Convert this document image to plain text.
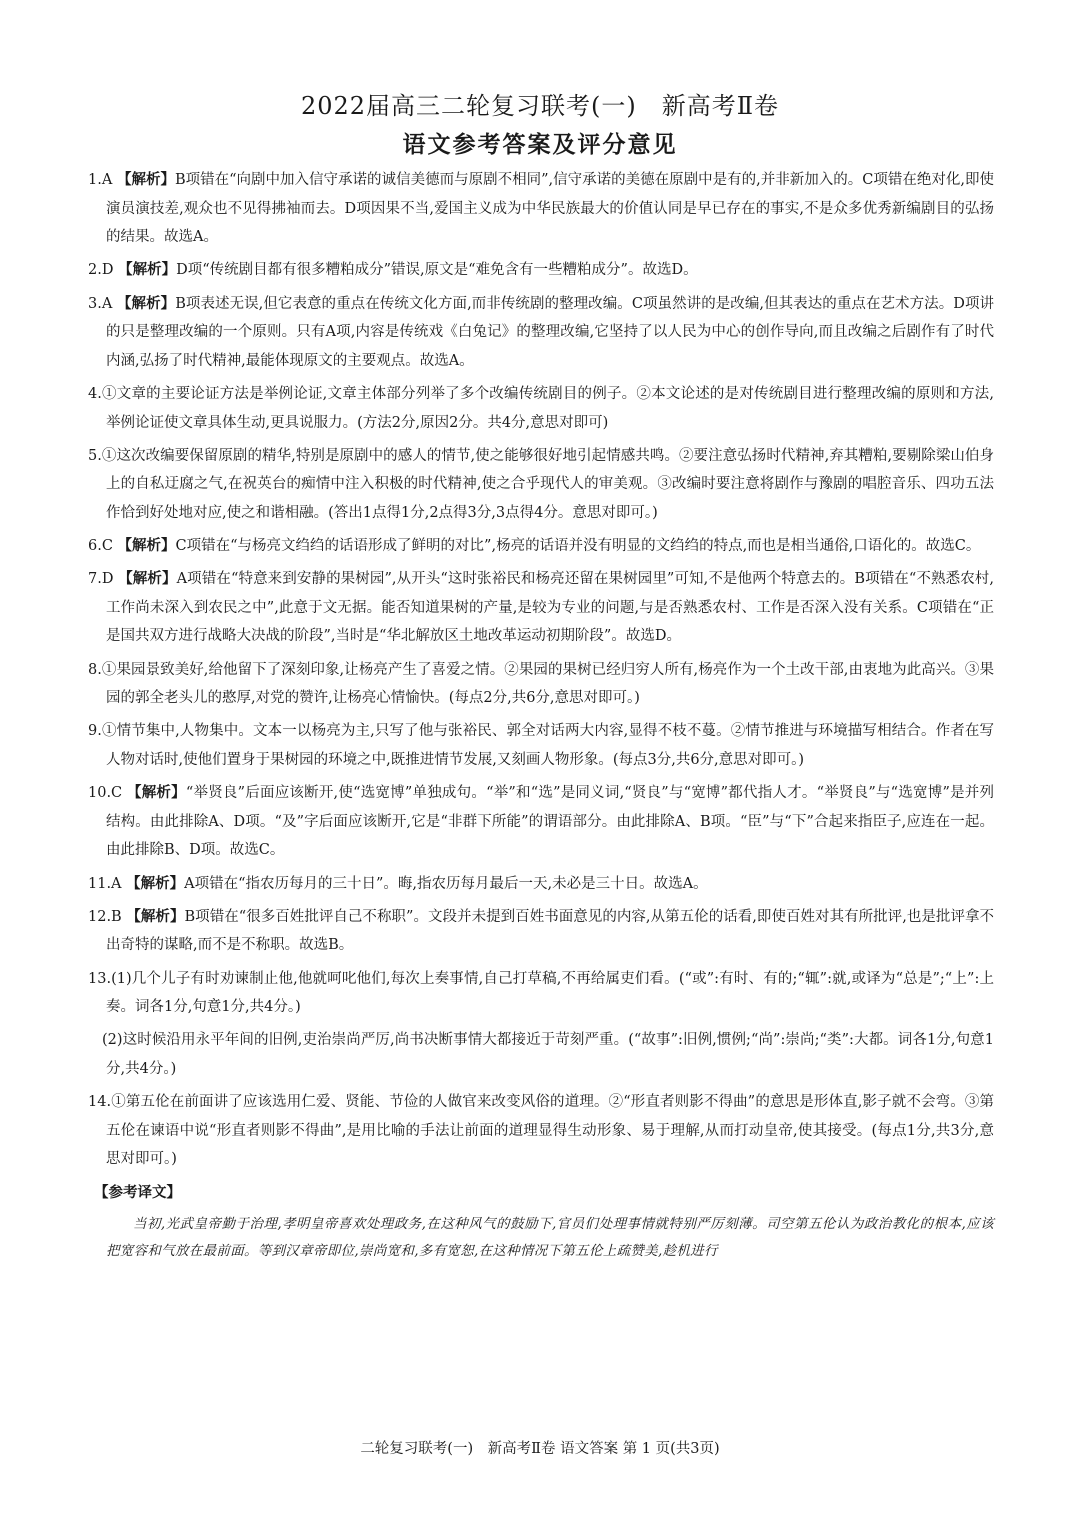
2022届高三二轮复习联考(一)　新高考Ⅱ卷
语文参考答案及评分意见

1.A 【解析】B项错在“向剧中加入信守承诺的诚信美德而与原剧不相同”,信守承诺的美德在原剧中是有的,并非新加入的。C项错在绝对化,即使演员演技差,观众也不见得拂袖而去。D项因果不当,爱国主义成为中华民族最大的价值认同是早已存在的事实,不是众多优秀新编剧目的弘扬的结果。故选A。

2.D 【解析】D项“传统剧目都有很多糟粕成分”错误,原文是“难免含有一些糟粕成分”。故选D。

3.A 【解析】B项表述无误,但它表意的重点在传统文化方面,而非传统剧的整理改编。C项虽然讲的是改编,但其表达的重点在艺术方法。D项讲的只是整理改编的一个原则。只有A项,内容是传统戏《白兔记》的整理改编,它坚持了以人民为中心的创作导向,而且改编之后剧作有了时代内涵,弘扬了时代精神,最能体现原文的主要观点。故选A。

4.①文章的主要论证方法是举例论证,文章主体部分列举了多个改编传统剧目的例子。②本文论述的是对传统剧目进行整理改编的原则和方法,举例论证使文章具体生动,更具说服力。(方法2分,原因2分。共4分,意思对即可)

5.①这次改编要保留原剧的精华,特别是原剧中的感人的情节,使之能够很好地引起情感共鸣。②要注意弘扬时代精神,弃其糟粕,要剔除梁山伯身上的自私迂腐之气,在祝英台的痴情中注入积极的时代精神,使之合乎现代人的审美观。③改编时要注意将剧作与豫剧的唱腔音乐、四功五法作恰到好处地对应,使之和谐相融。(答出1点得1分,2点得3分,3点得4分。意思对即可。)

6.C 【解析】C项错在“与杨亮文绉绉的话语形成了鲜明的对比”,杨亮的话语并没有明显的文绉绉的特点,而也是相当通俗,口语化的。故选C。

7.D 【解析】A项错在“特意来到安静的果树园”,从开头“这时张裕民和杨亮还留在果树园里”可知,不是他两个特意去的。B项错在“不熟悉农村,工作尚未深入到农民之中”,此意于文无据。能否知道果树的产量,是较为专业的问题,与是否熟悉农村、工作是否深入没有关系。C项错在“正是国共双方进行战略大决战的阶段”,当时是“华北解放区土地改革运动初期阶段”。故选D。

8.①果园景致美好,给他留下了深刻印象,让杨亮产生了喜爱之情。②果园的果树已经归穷人所有,杨亮作为一个土改干部,由衷地为此高兴。③果园的郭全老头儿的憨厚,对党的赞许,让杨亮心情愉快。(每点2分,共6分,意思对即可。)

9.①情节集中,人物集中。文本一以杨亮为主,只写了他与张裕民、郭全对话两大内容,显得不枝不蔓。②情节推进与环境描写相结合。作者在写人物对话时,使他们置身于果树园的环境之中,既推进情节发展,又刻画人物形象。(每点3分,共6分,意思对即可。)

10.C 【解析】“举贤良”后面应该断开,使“选宽博”单独成句。“举”和“选”是同义词,“贤良”与“宽博”都代指人才。“举贤良”与“选宽博”是并列结构。由此排除A、D项。“及”字后面应该断开,它是“非群下所能”的谓语部分。由此排除A、B项。“臣”与“下”合起来指臣子,应连在一起。由此排除B、D项。故选C。

11.A 【解析】A项错在“指农历每月的三十日”。晦,指农历每月最后一天,未必是三十日。故选A。

12.B 【解析】B项错在“很多百姓批评自己不称职”。文段并未提到百姓书面意见的内容,从第五伦的话看,即使百姓对其有所批评,也是批评拿不出奇特的谋略,而不是不称职。故选B。

13.(1)几个儿子有时劝谏制止他,他就呵叱他们,每次上奏事情,自己打草稿,不再给属吏们看。(“或”:有时、有的;“辄”:就,或译为“总是”;“上”:上奏。词各1分,句意1分,共4分。)

(2)这时候沿用永平年间的旧例,吏治崇尚严厉,尚书决断事情大都接近于苛刻严重。(“故事”:旧例,惯例;“尚”:崇尚;“类”:大都。词各1分,句意1分,共4分。)

14.①第五伦在前面讲了应该选用仁爱、贤能、节俭的人做官来改变风俗的道理。②“形直者则影不得曲”的意思是形体直,影子就不会弯。③第五伦在谏语中说“形直者则影不得曲”,是用比喻的手法让前面的道理显得生动形象、易于理解,从而打动皇帝,使其接受。(每点1分,共3分,意思对即可。)

【参考译文】

当初,光武皇帝勤于治理,孝明皇帝喜欢处理政务,在这种风气的鼓励下,官员们处理事情就特别严厉刻薄。司空第五伦认为政治教化的根本,应该把宽容和气放在最前面。等到汉章帝即位,崇尚宽和,多有宽恕,在这种情况下第五伦上疏赞美,趁机进行

二轮复习联考(一)　新高考Ⅱ卷 语文答案 第 1 页(共3页)
